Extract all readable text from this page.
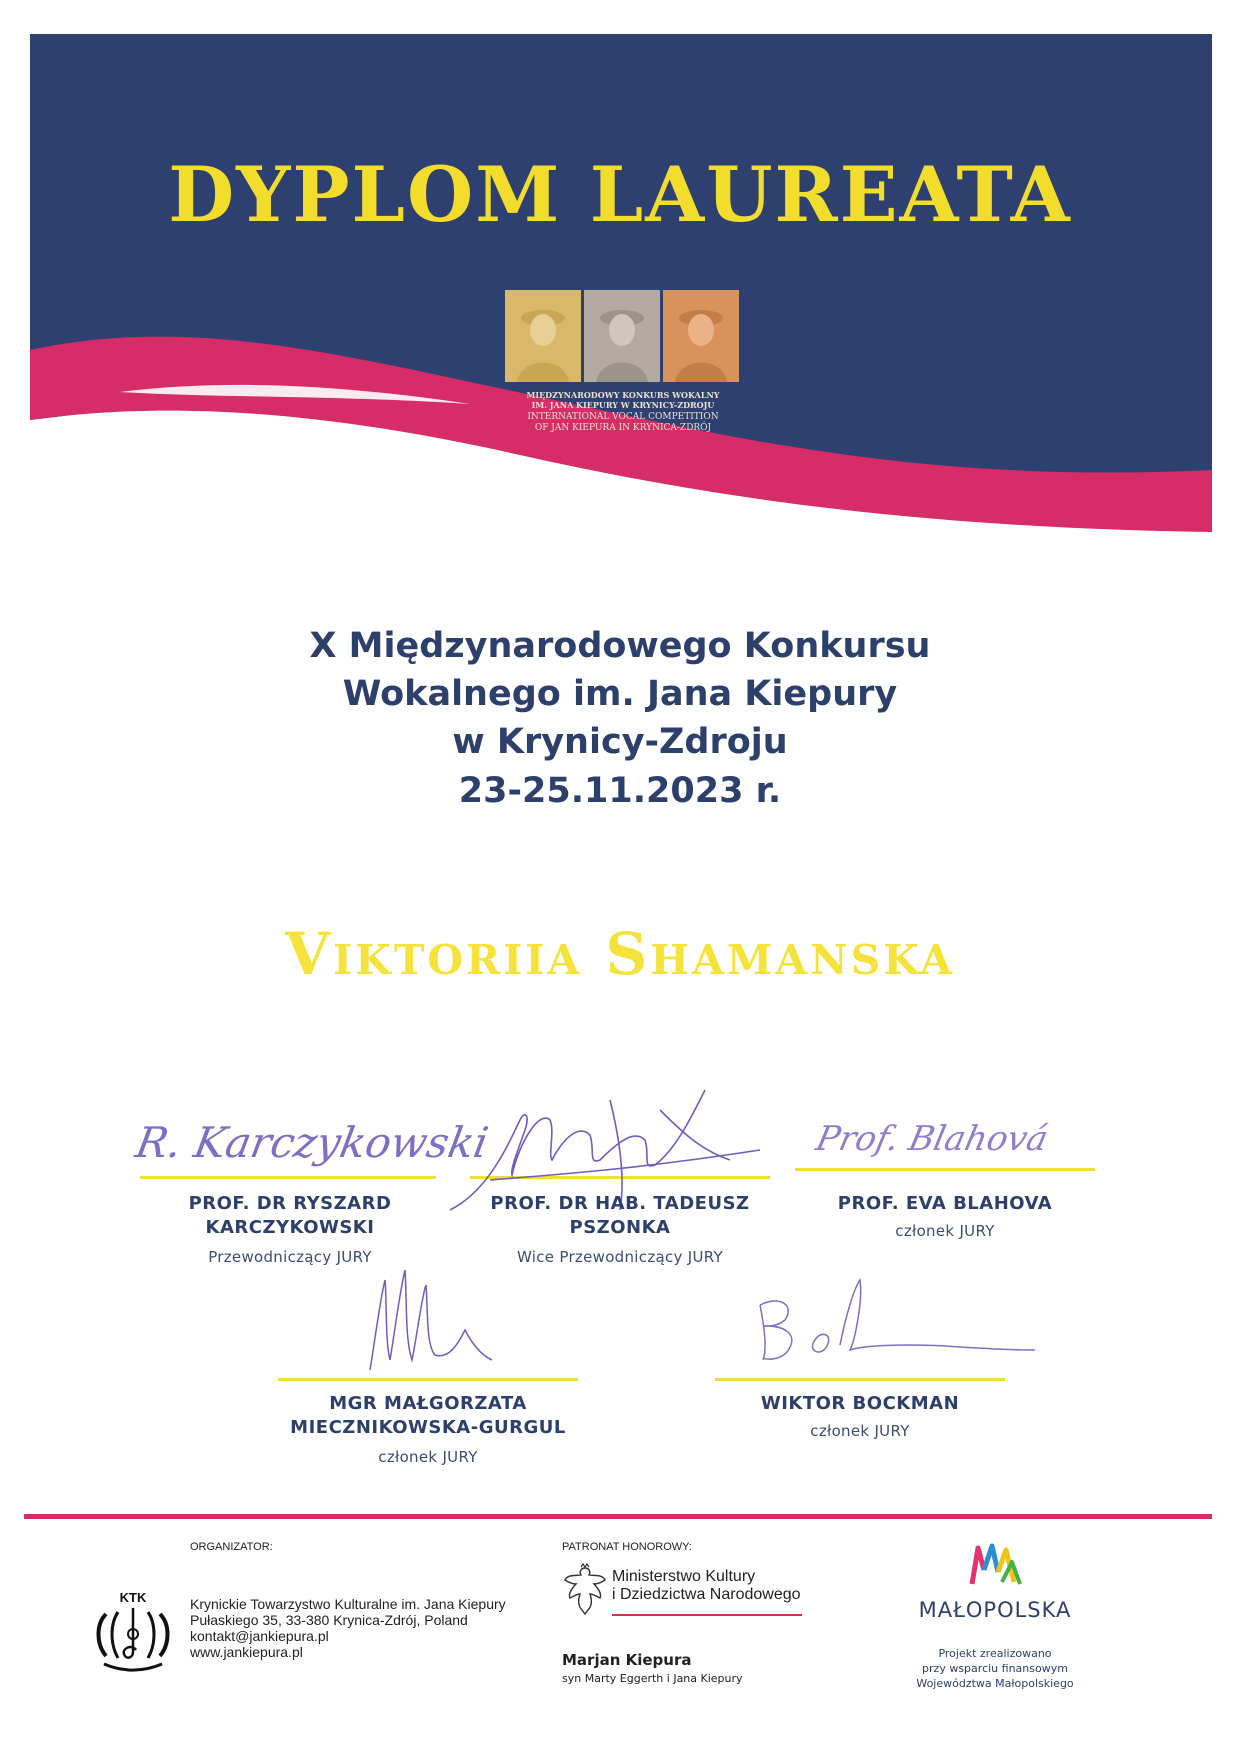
DYPLOM LAUREATA
MIĘDZYNARODOWY KONKURS WOKALNY
IM. JANA KIEPURY W KRYNICY-ZDROJU
INTERNATIONAL VOCAL COMPETITION
OF JAN KIEPURA IN KRYNICA-ZDRÓJ
X Międzynarodowego Konkursu
Wokalnego im. Jana Kiepury
w Krynicy-Zdroju
23-25.11.2023 r.
Viktoriia Shamanska
R. Karczykowski
PROF. DR RYSZARD
KARCZYKOWSKI
Przewodniczący JURY
PROF. DR HAB. TADEUSZ
PSZONKA
Wice Przewodniczący JURY
Prof. Blahová
PROF. EVA BLAHOVA
członek JURY
MGR MAŁGORZATA
MIECZNIKOWSKA-GURGUL
członek JURY
WIKTOR BOCKMAN
członek JURY
ORGANIZATOR:
KTK	Krynickie Towarzystwo Kulturalne im. Jana Kiepury
Pułaskiego 35, 33-380 Krynica-Zdrój, Poland
kontakt@jankiepura.pl
www.jankiepura.pl
PATRONAT HONOROWY:
Ministerstwo Kultury
i Dziedzictwa Narodowego
Marjan Kiepura
syn Marty Eggerth i Jana Kiepury
MAŁOPOLSKA
Projekt zrealizowano
przy wsparciu finansowym
Województwa Małopolskiego
